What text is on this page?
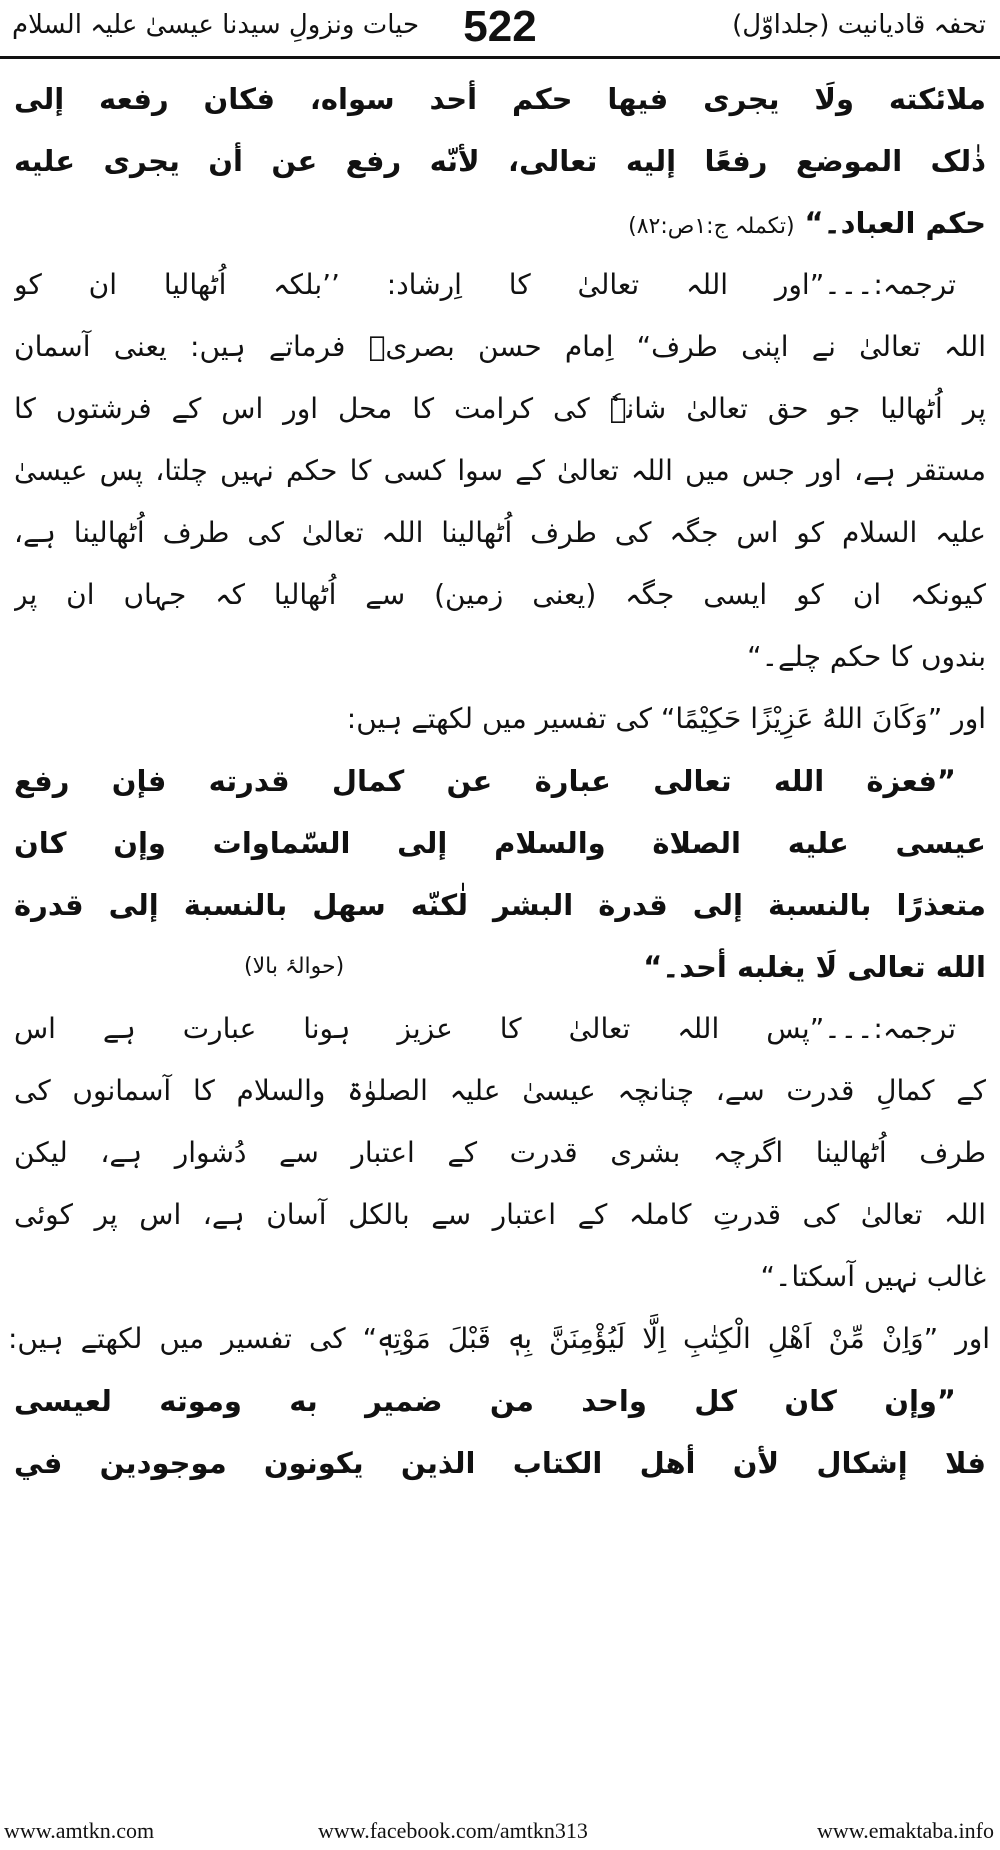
تحفہ قادیانیت (جلداوّل)
522
حیات ونزولِ سیدنا عیسیٰ علیہ السلام
ملائكته ولَا يجرى فيها حكم أحد سواه، فكان رفعه إلى
ذٰلک الموضع رفعًا إليه تعالى، لأنّه رفع عن أن يجرى عليه
حكم العباد۔“(تکملہ ج:۱ص:۸۲)
ترجمہ:۔۔۔”اور اللہ تعالیٰ کا اِرشاد: ’’بلکہ اُٹھالیا ان کو
اللہ تعالیٰ نے اپنی طرف“ اِمام حسن بصریؒ فرماتے ہیں: یعنی آسمان
پر اُٹھالیا جو حق تعالیٰ شانہٗ کی کرامت کا محل اور اس کے فرشتوں کا
مستقر ہے، اور جس میں اللہ تعالیٰ کے سوا کسی کا حکم نہیں چلتا، پس عیسیٰ
علیہ السلام کو اس جگہ کی طرف اُٹھالینا اللہ تعالیٰ کی طرف اُٹھالینا ہے،
کیونکہ ان کو ایسی جگہ (یعنی زمین) سے اُٹھالیا کہ جہاں ان پر
بندوں کا حکم چلے۔“
اور ”وَکَانَ اللهُ عَزِیْزًا حَکِیْمًا“ کی تفسیر میں لکھتے ہیں:
”فعزة الله تعالى عبارة عن كمال قدرته فإن رفع
عيسى عليه الصلاة والسلام إلى السّماوات وإن كان
متعذرًا بالنسبة إلى قدرة البشر لٰكنّه سهل بالنسبة إلى قدرة
الله تعالى لَا يغلبه أحد۔“
(حوالۂ بالا)
ترجمہ:۔۔۔”پس اللہ تعالیٰ کا عزیز ہونا عبارت ہے اس
کے کمالِ قدرت سے، چنانچہ عیسیٰ علیہ الصلوٰۃ والسلام کا آسمانوں کی
طرف اُٹھالینا اگرچہ بشری قدرت کے اعتبار سے دُشوار ہے، لیکن
اللہ تعالیٰ کی قدرتِ کاملہ کے اعتبار سے بالکل آسان ہے، اس پر کوئی
غالب نہیں آسکتا۔“
اور ”وَاِنْ مِّنْ اَھْلِ الْکِتٰبِ اِلَّا لَیُؤْمِنَنَّ بِهٖ قَبْلَ مَوْتِهٖ“ کی تفسیر میں لکھتے ہیں:
”وإن كان كل واحد من ضمير به وموته لعيسى
فلا إشكال لأن أهل الكتاب الذين يكونون موجودين في
www.amtkn.com	www.facebook.com/amtkn313	www.emaktaba.info
